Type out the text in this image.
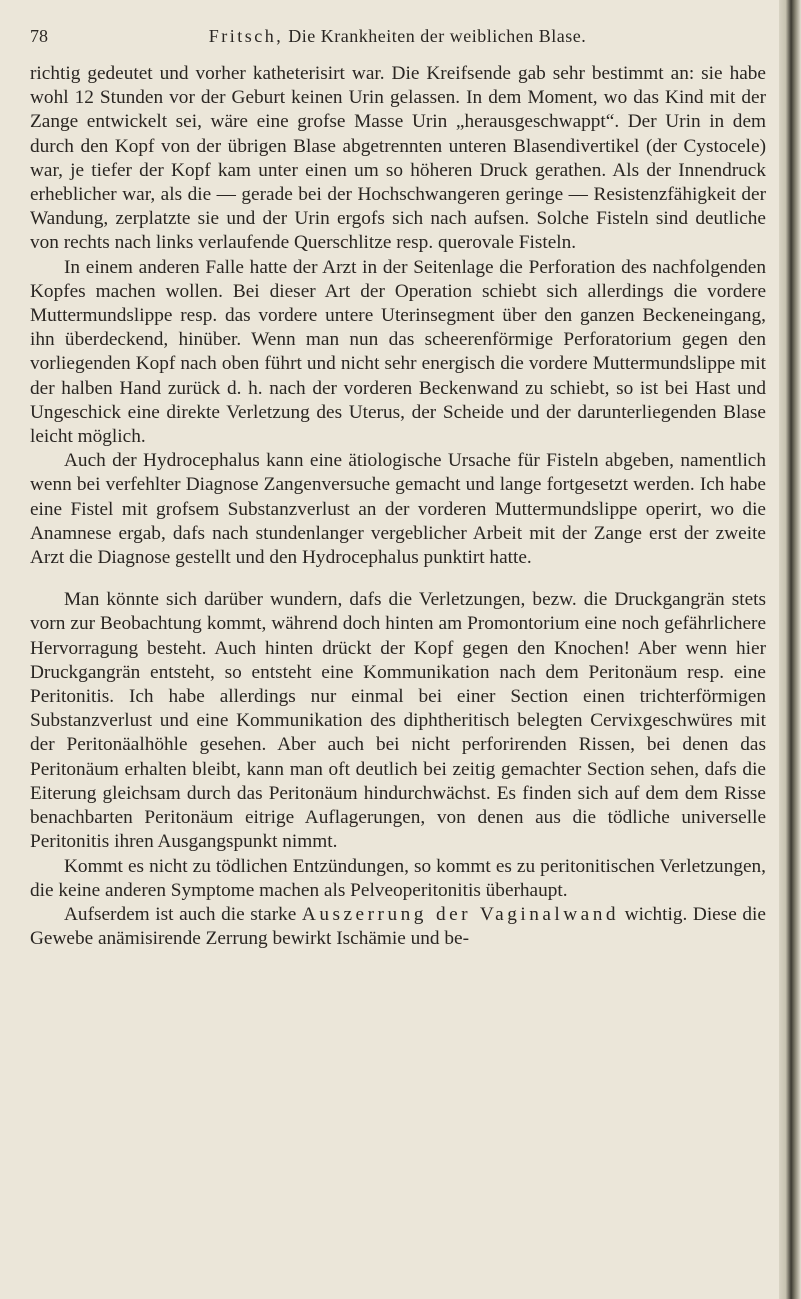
78	Fritsch, Die Krankheiten der weiblichen Blase.

richtig gedeutet und vorher katheterisirt war. Die Kreifsende gab sehr bestimmt an: sie habe wohl 12 Stunden vor der Geburt keinen Urin gelassen. In dem Moment, wo das Kind mit der Zange entwickelt sei, wäre eine grofse Masse Urin „herausgeschwappt“. Der Urin in dem durch den Kopf von der übrigen Blase abgetrennten unteren Blasendivertikel (der Cystocele) war, je tiefer der Kopf kam unter einen um so höheren Druck gerathen. Als der Innendruck erheblicher war, als die — gerade bei der Hochschwangeren geringe — Resistenzfähigkeit der Wandung, zerplatzte sie und der Urin ergofs sich nach aufsen. Solche Fisteln sind deutliche von rechts nach links verlaufende Querschlitze resp. querovale Fisteln.

In einem anderen Falle hatte der Arzt in der Seitenlage die Perforation des nachfolgenden Kopfes machen wollen. Bei dieser Art der Operation schiebt sich allerdings die vordere Muttermundslippe resp. das vordere untere Uterinsegment über den ganzen Beckeneingang, ihn überdeckend, hinüber. Wenn man nun das scheerenförmige Perforatorium gegen den vorliegenden Kopf nach oben führt und nicht sehr energisch die vordere Muttermundslippe mit der halben Hand zurück d. h. nach der vorderen Beckenwand zu schiebt, so ist bei Hast und Ungeschick eine direkte Verletzung des Uterus, der Scheide und der darunterliegenden Blase leicht möglich.

Auch der Hydrocephalus kann eine ätiologische Ursache für Fisteln abgeben, namentlich wenn bei verfehlter Diagnose Zangenversuche gemacht und lange fortgesetzt werden. Ich habe eine Fistel mit grofsem Substanzverlust an der vorderen Muttermundslippe operirt, wo die Anamnese ergab, dafs nach stundenlanger vergeblicher Arbeit mit der Zange erst der zweite Arzt die Diagnose gestellt und den Hydrocephalus punktirt hatte.

Man könnte sich darüber wundern, dafs die Verletzungen, bezw. die Druckgangrän stets vorn zur Beobachtung kommt, während doch hinten am Promontorium eine noch gefährlichere Hervorragung besteht. Auch hinten drückt der Kopf gegen den Knochen! Aber wenn hier Druckgangrän entsteht, so entsteht eine Kommunikation nach dem Peritonäum resp. eine Peritonitis. Ich habe allerdings nur einmal bei einer Section einen trichterförmigen Substanzverlust und eine Kommunikation des diphtheritisch belegten Cervixgeschwüres mit der Peritonäalhöhle gesehen. Aber auch bei nicht perforirenden Rissen, bei denen das Peritonäum erhalten bleibt, kann man oft deutlich bei zeitig gemachter Section sehen, dafs die Eiterung gleichsam durch das Peritonäum hindurchwächst. Es finden sich auf dem dem Risse benachbarten Peritonäum eitrige Auflagerungen, von denen aus die tödliche universelle Peritonitis ihren Ausgangspunkt nimmt.

Kommt es nicht zu tödlichen Entzündungen, so kommt es zu peritonitischen Verletzungen, die keine anderen Symptome machen als Pelveoperitonitis überhaupt.

Aufserdem ist auch die starke Auszerrung der Vaginalwand wichtig. Diese die Gewebe anämisirende Zerrung bewirkt Ischämie und be-
